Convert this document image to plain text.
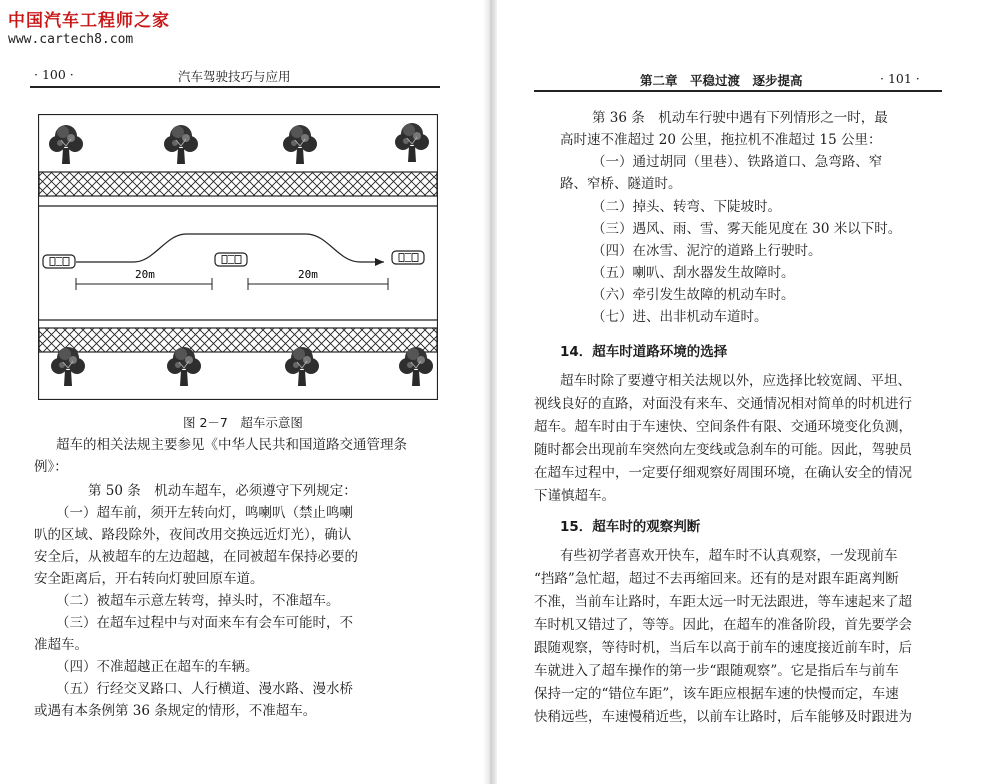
中国汽车工程师之家
www.cartech8.com
· 100 ·	汽车驾驶技巧与应用
20m	20m
图 2－7　超车示意图
超车的相关法规主要参见《中华人民共和国道路交通管理条
例》：
第 50 条　机动车超车，必须遵守下列规定：
（一）超车前，须开左转向灯，鸣喇叭（禁止鸣喇
叭的区域、路段除外，夜间改用交换远近灯光），确认
安全后，从被超车的左边超越，在同被超车保持必要的
安全距离后，开右转向灯驶回原车道。
（二）被超车示意左转弯，掉头时，不准超车。
（三）在超车过程中与对面来车有会车可能时，不
准超车。
（四）不准超越正在超车的车辆。
（五）行经交叉路口、人行横道、漫水路、漫水桥
或遇有本条例第 36 条规定的情形，不准超车。
第二章　平稳过渡　逐步提高	· 101 ·
第 36 条　机动车行驶中遇有下列情形之一时，最
高时速不准超过 20 公里，拖拉机不准超过 15 公里：
（一）通过胡同（里巷）、铁路道口、急弯路、窄
路、窄桥、隧道时。
（二）掉头、转弯、下陡坡时。
（三）遇风、雨、雪、雾天能见度在 30 米以下时。
（四）在冰雪、泥泞的道路上行驶时。
（五）喇叭、刮水器发生故障时。
（六）牵引发生故障的机动车时。
（七）进、出非机动车道时。
14．超车时道路环境的选择
超车时除了要遵守相关法规以外，应选择比较宽阔、平坦、
视线良好的直路，对面没有来车、交通情况相对简单的时机进行
超车。超车时由于车速快、空间条件有限、交通环境变化负测，
随时都会出现前车突然向左变线或急刹车的可能。因此，驾驶员
在超车过程中，一定要仔细观察好周围环境，在确认安全的情况
下谨慎超车。
15．超车时的观察判断
有些初学者喜欢开快车，超车时不认真观察，一发现前车
“挡路”急忙超，超过不去再缩回来。还有的是对跟车距离判断
不准，当前车让路时，车距太远一时无法跟进，等车速起来了超
车时机又错过了，等等。因此，在超车的准备阶段，首先要学会
跟随观察，等待时机，当后车以高于前车的速度接近前车时，后
车就进入了超车操作的第一步“跟随观察”。它是指后车与前车
保持一定的“错位车距”，该车距应根据车速的快慢而定，车速
快稍远些，车速慢稍近些，以前车让路时，后车能够及时跟进为
